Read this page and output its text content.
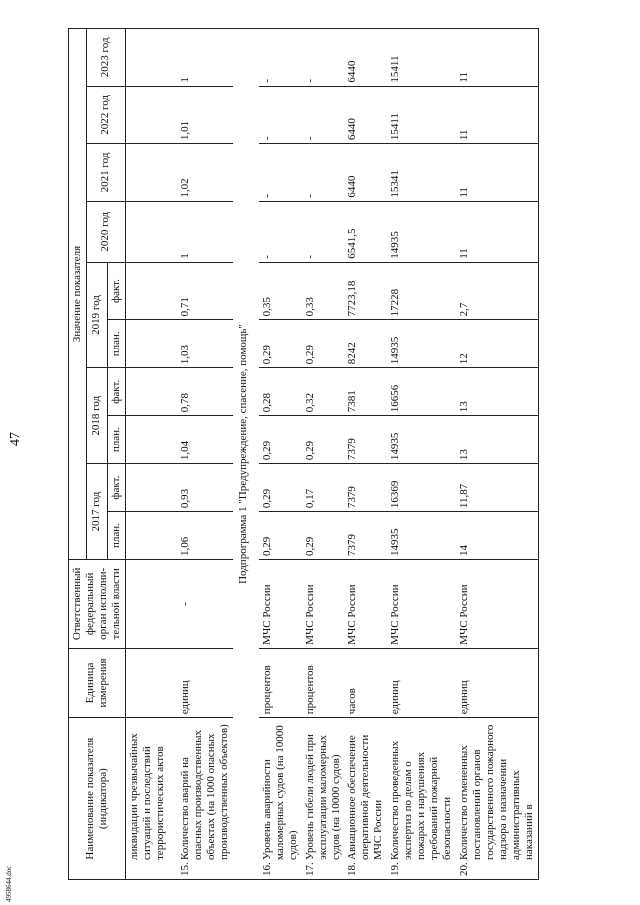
47
4958644.doc
Наименование показателя (индикатора)	Единица измерения	Ответственный федеральный орган исполни-тельной власти	Значение показателя									
			2017 год		2018 год		2019 год		2020 год	2021 год	2022 год	2023 год
			план.	факт.	план.	факт.	план.	факт.				

ликвидации чрезвычайных ситуаций и последствий террористических актов												

15.
Количество аварий на опасных производственных объектах (на 1000 опасных производственных объектов)	единиц	-	1,06	0,93	1,04	0,78	1,03	0,71	1	1,02	1,01	1
Подпрограмма 1 "Предупреждение, спасение, помощь"												

16.
Уровень аварийности маломерных судов (на 10000 судов)	процентов	МЧС России	0,29	0,29	0,29	0,28	0,29	0,35	-	-	-	-

17.
Уровень гибели людей при эксплуатации маломерных судов (на 10000 судов)	процентов	МЧС России	0,29	0,17	0,29	0,32	0,29	0,33	-	-	-	-

18.
Авиационное обеспечение оперативной деятельности МЧС России	часов	МЧС России	7379	7379	7379	7381	8242	7723,18	6541,5	6440	6440	6440

19.
Количество проведенных экспертиз по делам о пожарах и нарушениях требований пожарной безопасности	единиц	МЧС России	14935	16369	14935	16656	14935	17228	14935	15341	15411	15411

20.
Количество отмененных постановлений органов государственного пожарного надзора о назначении административных наказаний в	единиц	МЧС России	14	11,87	13	13	12	2,7	11	11	11	11
